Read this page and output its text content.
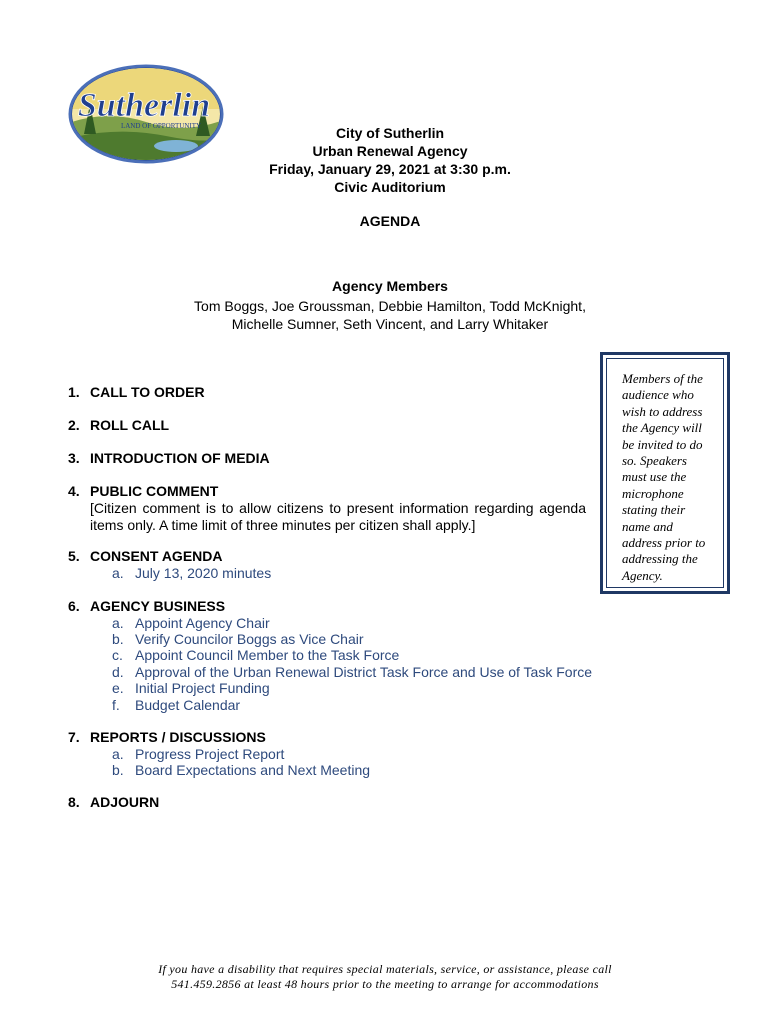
Sutherlin
LAND OF OPPORTUNITY	City of Sutherlin
Urban Renewal Agency
Friday, January 29, 2021 at 3:30 p.m.
Civic Auditorium
AGENDA
Agency Members
Tom Boggs, Joe Groussman, Debbie Hamilton, Todd McKnight,
Michelle Sumner, Seth Vincent, and Larry Whitaker
Members of the audience who wish to address the Agency will be invited to do so. Speakers must use the microphone stating their name and address prior to addressing the Agency.
1. CALL TO ORDER
2. ROLL CALL
3. INTRODUCTION OF MEDIA
4. PUBLIC COMMENT
[Citizen comment is to allow citizens to present information regarding agenda items only. A time limit of three minutes per citizen shall apply.]
5. CONSENT AGENDA
a. July 13, 2020 minutes
6. AGENCY BUSINESS
a. Appoint Agency Chair
b. Verify Councilor Boggs as Vice Chair
c. Appoint Council Member to the Task Force
d. Approval of the Urban Renewal District Task Force and Use of Task Force
e. Initial Project Funding
f. Budget Calendar
7. REPORTS / DISCUSSIONS
a. Progress Project Report
b. Board Expectations and Next Meeting
8. ADJOURN
If you have a disability that requires special materials, service, or assistance, please call
541.459.2856 at least 48 hours prior to the meeting to arrange for accommodations
